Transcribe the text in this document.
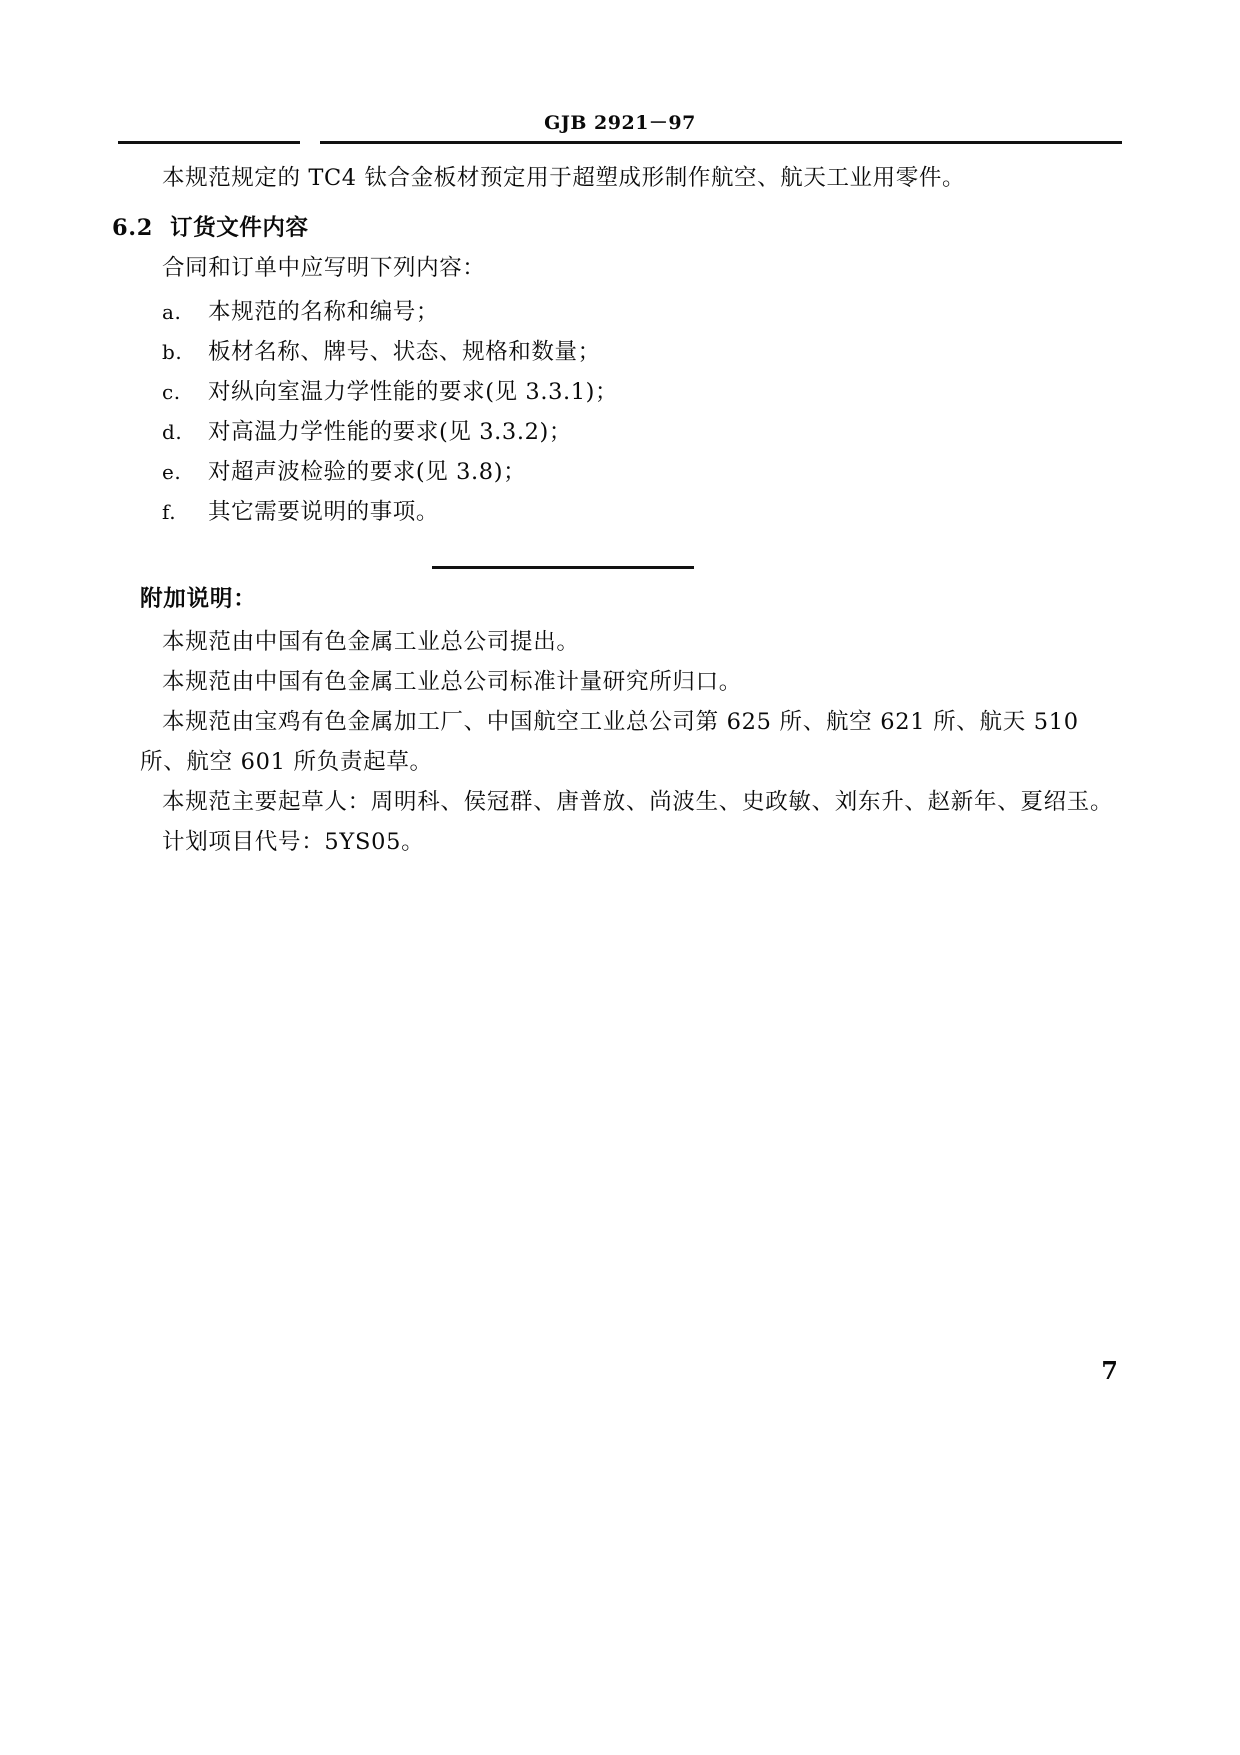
GJB 2921－97

本规范规定的 TC4 钛合金板材预定用于超塑成形制作航空、航天工业用零件。

6.2 订货文件内容

合同和订单中应写明下列内容：

a. 本规范的名称和编号；
b. 板材名称、牌号、状态、规格和数量；
c. 对纵向室温力学性能的要求(见 3.3.1)；
d. 对高温力学性能的要求(见 3.3.2)；
e. 对超声波检验的要求(见 3.8)；
f. 其它需要说明的事项。
附加说明：

本规范由中国有色金属工业总公司提出。

本规范由中国有色金属工业总公司标准计量研究所归口。

本规范由宝鸡有色金属加工厂、中国航空工业总公司第 625 所、航空 621 所、航天 510 所、航空 601 所负责起草。

本规范主要起草人：周明科、侯冠群、唐普放、尚波生、史政敏、刘东升、赵新年、夏绍玉。

计划项目代号：5YS05。

7
